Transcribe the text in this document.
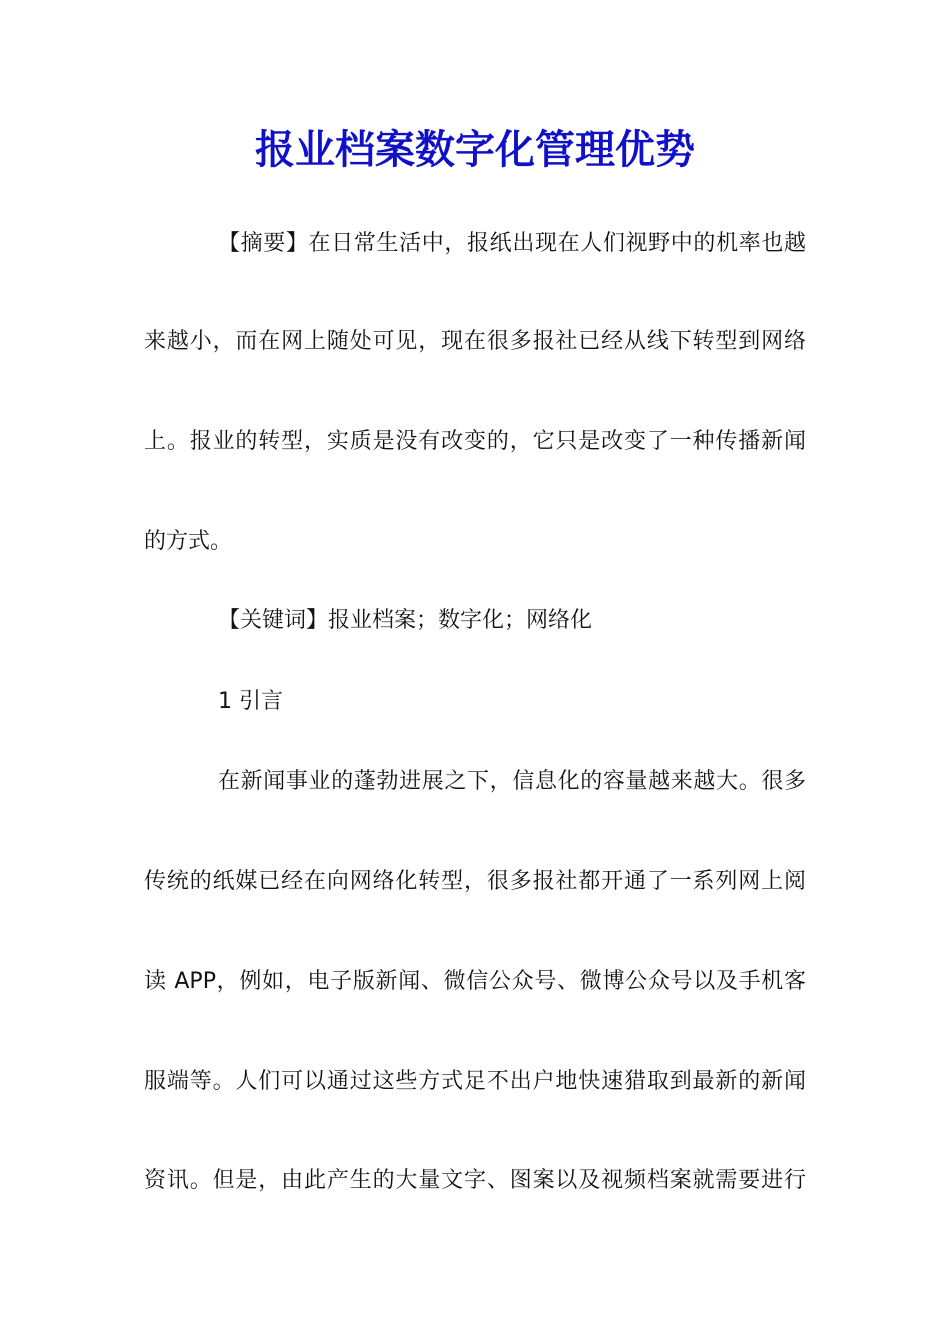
报业档案数字化管理优势

【摘要】在日常生活中，报纸出现在人们视野中的机率也越

来越小，而在网上随处可见，现在很多报社已经从线下转型到网络

上。报业的转型，实质是没有改变的，它只是改变了一种传播新闻

的方式。

【关键词】报业档案；数字化；网络化

1 引言

在新闻事业的蓬勃进展之下，信息化的容量越来越大。很多

传统的纸媒已经在向网络化转型，很多报社都开通了一系列网上阅

读 APP，例如，电子版新闻、微信公众号、微博公众号以及手机客

服端等。人们可以通过这些方式足不出户地快速猎取到最新的新闻

资讯。但是，由此产生的大量文字、图案以及视频档案就需要进行
